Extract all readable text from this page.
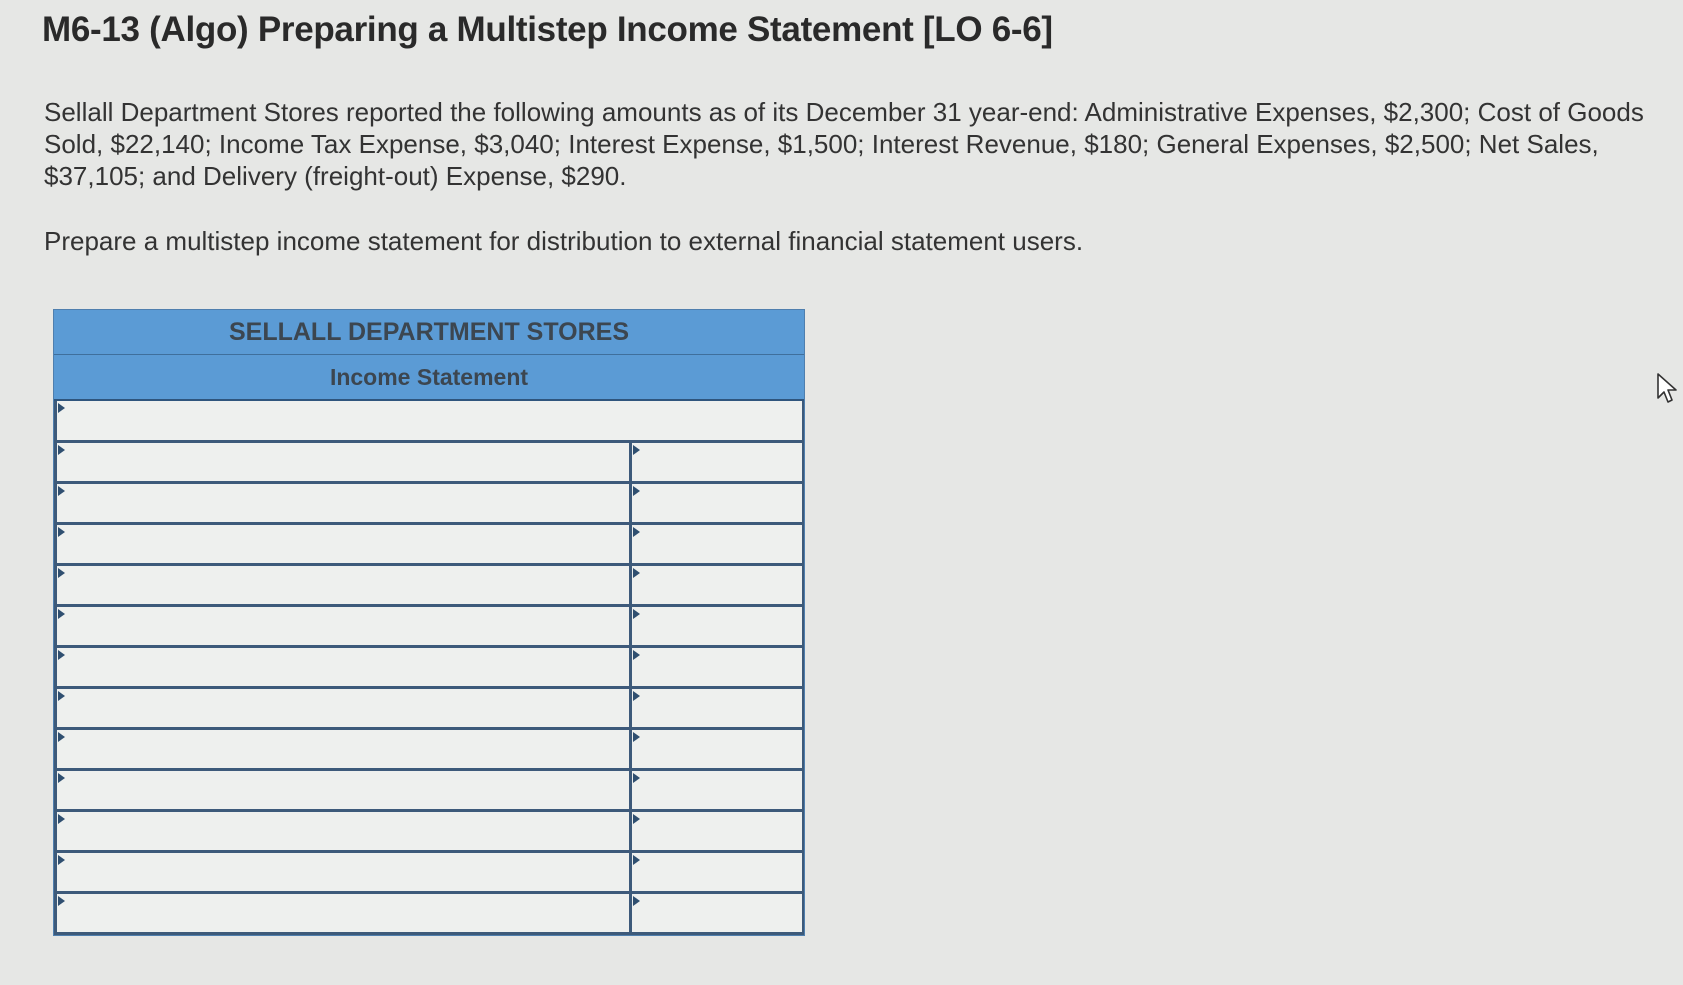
M6-13 (Algo) Preparing a Multistep Income Statement [LO 6-6]
Sellall Department Stores reported the following amounts as of its December 31 year-end: Administrative Expenses, $2,300; Cost of Goods Sold, $22,140; Income Tax Expense, $3,040; Interest Expense, $1,500; Interest Revenue, $180; General Expenses, $2,500; Net Sales, $37,105; and Delivery (freight-out) Expense, $290.
Prepare a multistep income statement for distribution to external financial statement users.
SELLALL DEPARTMENT STORES
Income Statement
